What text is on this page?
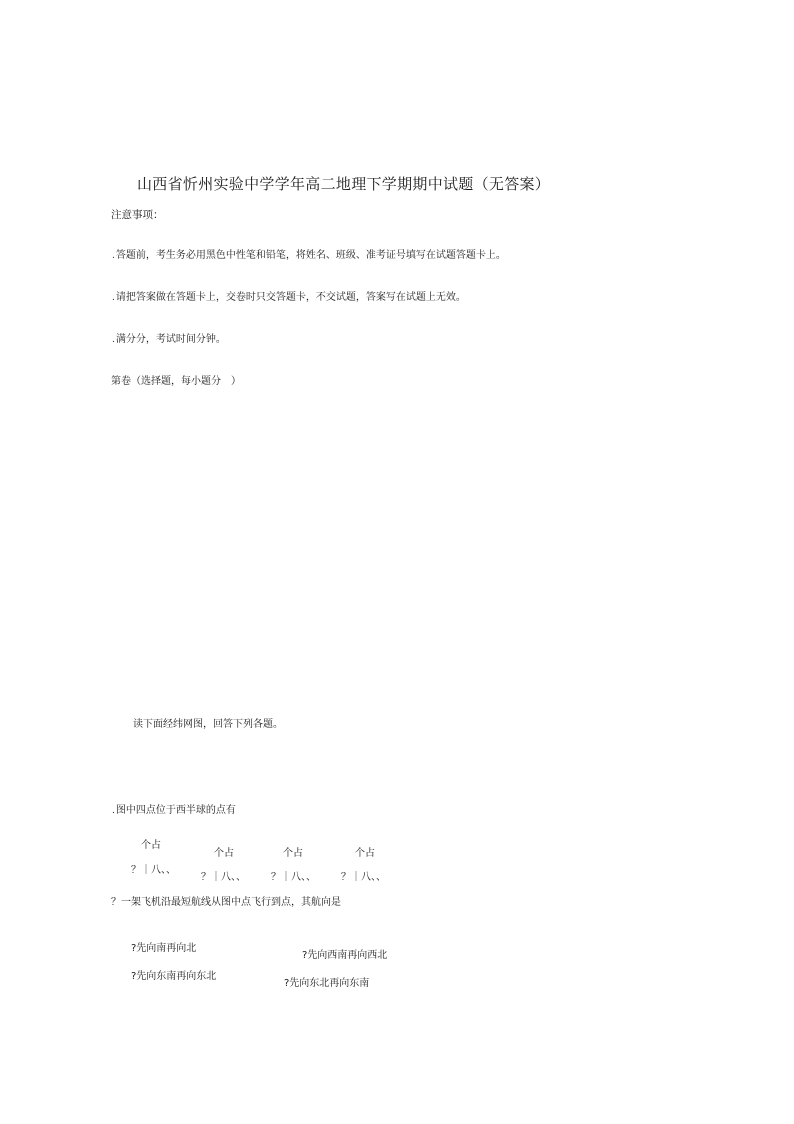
山西省忻州实验中学学年高二地理下学期期中试题（无答案）
注意事项：
.答题前，考生务必用黑色中性笔和铅笔，将姓名、班级、准考证号填写在试题答题卡上。
.请把答案做在答题卡上，交卷时只交答题卡，不交试题，答案写在试题上无效。
.满分分，考试时间分钟。
第卷（选择题，每小题分　）
读下面经纬网图，回答下列各题。
.图中四点位于西半球的点有
个占
？｜八、、
个占
？｜八、、
个占
？｜八、、
个占
？｜八、、
？一架飞机沿最短航线从图中点飞行到点，其航向是
?先向南再向北
?先向西南再向西北
?先向东南再向东北
?先向东北再向东南
